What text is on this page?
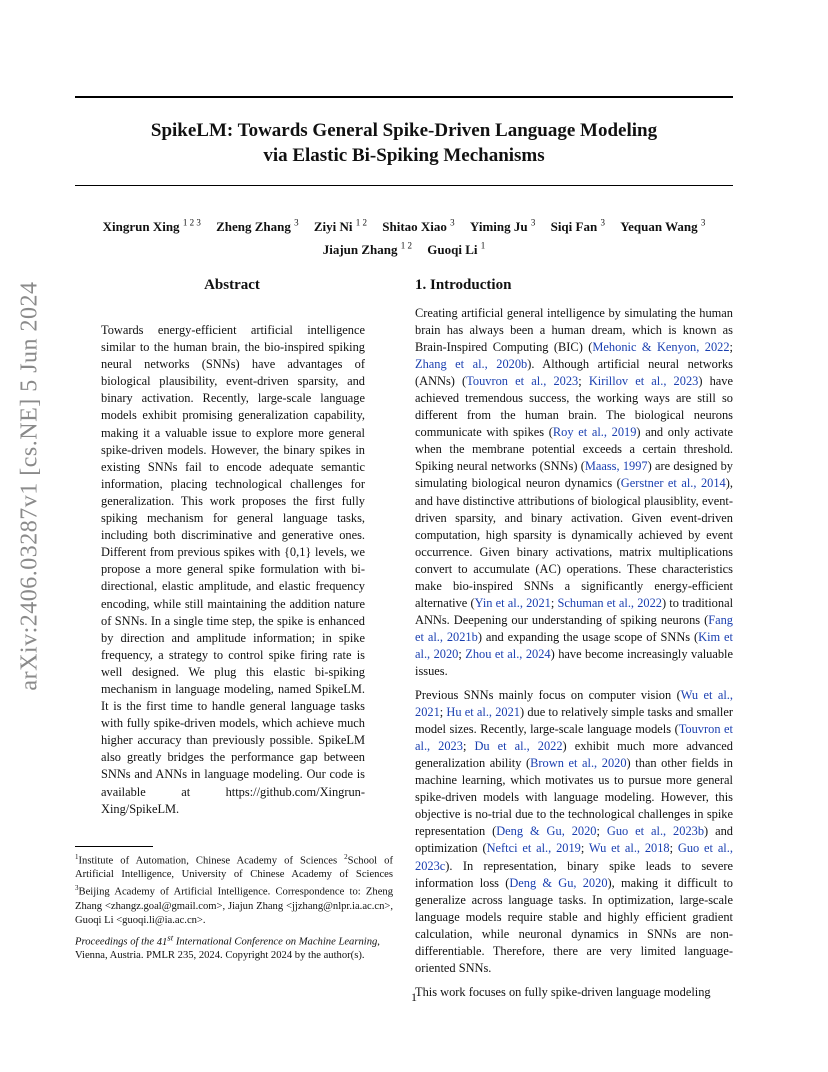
SpikeLM: Towards General Spike-Driven Language Modeling
via Elastic Bi-Spiking Mechanisms
Xingrun Xing $^{1 2 3}$ Zheng Zhang $^3$ Ziyi Ni $^{1 2}$ Shitao Xiao $^3$ Yiming Ju $^3$ Siqi Fan $^3$ Yequan Wang $^3$
Jiajun Zhang $^{1 2}$ Guoqi Li $^1$
arXiv:2406.03287v1 [cs.NE] 5 Jun 2024	Abstract
Towards energy-efficient artificial intelligence similar to the human brain, the bio-inspired spiking neural networks (SNNs) have advantages of biological plausibility, event-driven sparsity, and binary activation. Recently, large-scale language models exhibit promising generalization capability, making it a valuable issue to explore more general spike-driven models. However, the binary spikes in existing SNNs fail to encode adequate semantic information, placing technological challenges for generalization. This work proposes the first fully spiking mechanism for general language tasks, including both discriminative and generative ones. Different from previous spikes with {0,1} levels, we propose a more general spike formulation with bi-directional, elastic amplitude, and elastic frequency encoding, while still maintaining the addition nature of SNNs. In a single time step, the spike is enhanced by direction and amplitude information; in spike frequency, a strategy to control spike firing rate is well designed. We plug this elastic bi-spiking mechanism in language modeling, named SpikeLM. It is the first time to handle general language tasks with fully spike-driven models, which achieve much higher accuracy than previously possible. SpikeLM also greatly bridges the performance gap between SNNs and ANNs in language modeling. Our code is available at https://github.com/Xingrun-Xing/SpikeLM.
$^1$Institute of Automation, Chinese Academy of Sciences $^2$School of Artificial Intelligence, University of Chinese Academy of Sciences $^3$Beijing Academy of Artificial Intelligence. Correspondence to: Zheng Zhang <zhangz.goal@gmail.com>, Jiajun Zhang <jjzhang@nlpr.ia.ac.cn>, Guoqi Li <guoqi.li@ia.ac.cn>.
Proceedings of the 41st International Conference on Machine Learning, Vienna, Austria. PMLR 235, 2024. Copyright 2024 by the author(s).
1. Introduction

Creating artificial general intelligence by simulating the human brain has always been a human dream, which is known as Brain-Inspired Computing (BIC) (Mehonic & Kenyon, 2022; Zhang et al., 2020b). Although artificial neural networks (ANNs) (Touvron et al., 2023; Kirillov et al., 2023) have achieved tremendous success, the working ways are still so different from the human brain. The biological neurons communicate with spikes (Roy et al., 2019) and only activate when the membrane potential exceeds a certain threshold. Spiking neural networks (SNNs) (Maass, 1997) are designed by simulating biological neuron dynamics (Gerstner et al., 2014), and have distinctive attributions of biological plausiblity, event-driven sparsity, and binary activation. Given event-driven computation, high sparsity is dynamically achieved by event occurrence. Given binary activations, matrix multiplications convert to accumulate (AC) operations. These characteristics make bio-inspired SNNs a significantly energy-efficient alternative (Yin et al., 2021; Schuman et al., 2022) to traditional ANNs. Deepening our understanding of spiking neurons (Fang et al., 2021b) and expanding the usage scope of SNNs (Kim et al., 2020; Zhou et al., 2024) have become increasingly valuable issues.

Previous SNNs mainly focus on computer vision (Wu et al., 2021; Hu et al., 2021) due to relatively simple tasks and smaller model sizes. Recently, large-scale language models (Touvron et al., 2023; Du et al., 2022) exhibit much more advanced generalization ability (Brown et al., 2020) than other fields in machine learning, which motivates us to pursue more general spike-driven models with language modeling. However, this objective is no-trial due to the technological challenges in spike representation (Deng & Gu, 2020; Guo et al., 2023b) and optimization (Neftci et al., 2019; Wu et al., 2018; Guo et al., 2023c). In representation, binary spike leads to severe information loss (Deng & Gu, 2020), making it difficult to generalize across language tasks. In optimization, large-scale language models require stable and highly efficient gradient calculation, while neuronal dynamics in SNNs are non-differentiable. Therefore, there are very limited language-oriented SNNs.

This work focuses on fully spike-driven language modeling

1
